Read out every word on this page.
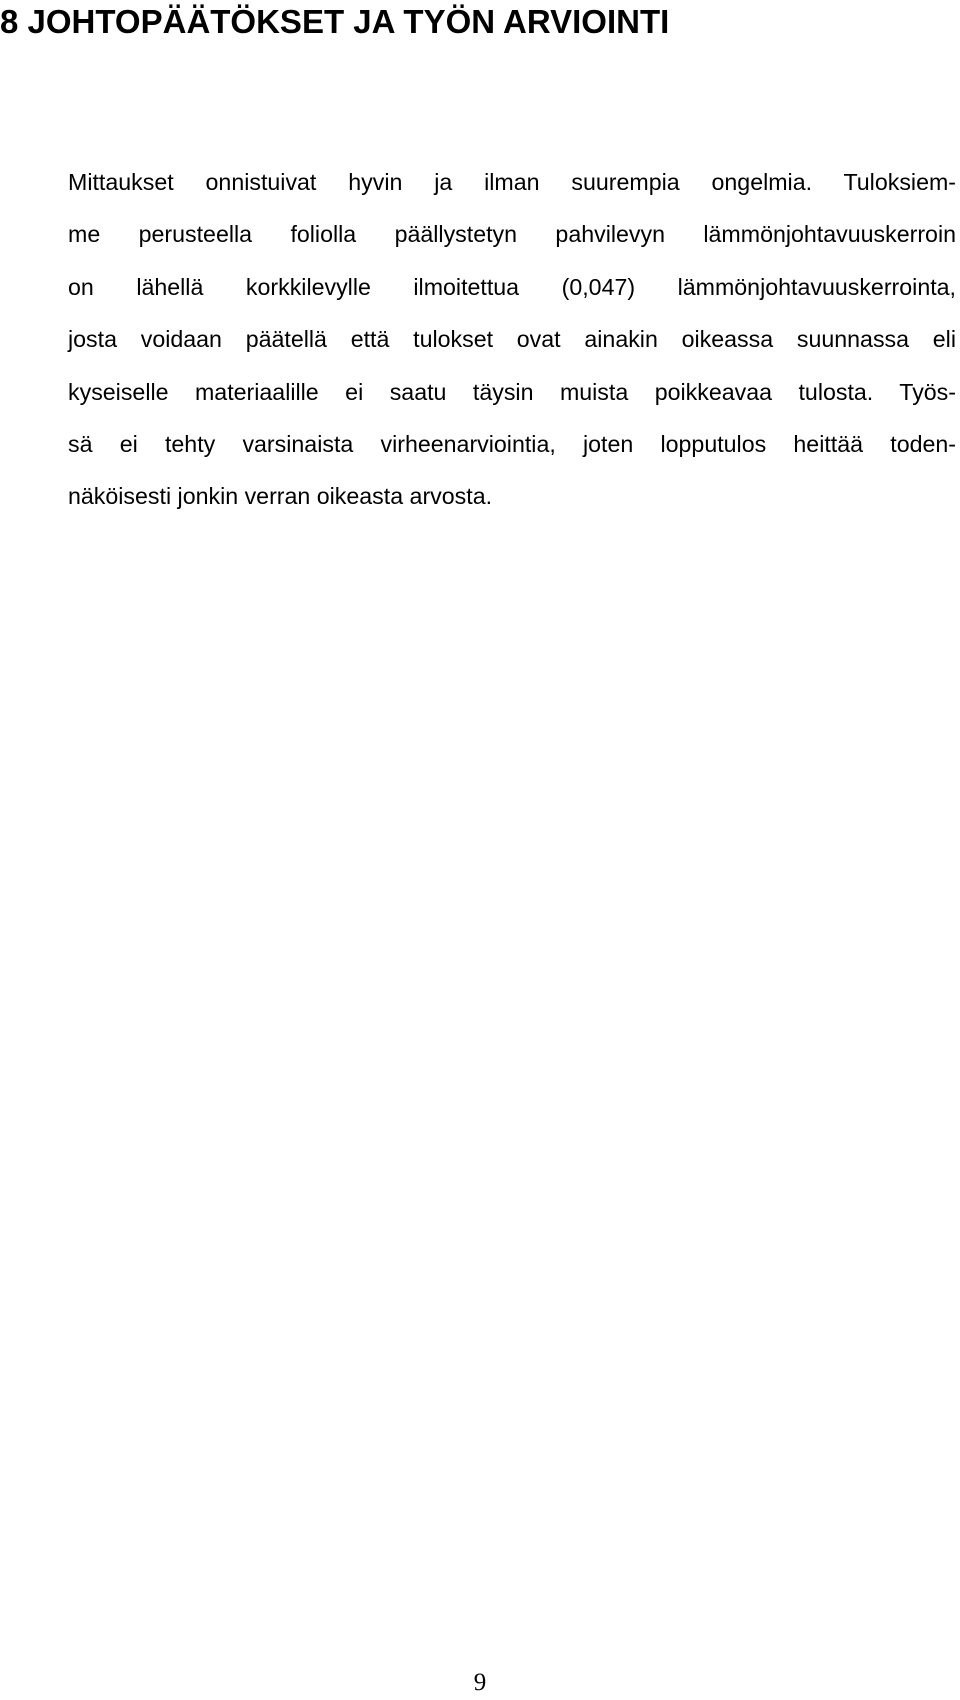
8 JOHTOPÄÄTÖKSET JA TYÖN ARVIOINTI
Mittaukset onnistuivat hyvin ja ilman suurempia ongelmia. Tuloksiem-
me perusteella foliolla päällystetyn pahvilevyn lämmönjohtavuuskerroin
on lähellä korkkilevylle ilmoitettua (0,047) lämmönjohtavuuskerrointa,
josta voidaan päätellä että tulokset ovat ainakin oikeassa suunnassa eli
kyseiselle materiaalille ei saatu täysin muista poikkeavaa tulosta. Työs-
sä ei tehty varsinaista virheenarviointia, joten lopputulos heittää toden-
näköisesti jonkin verran oikeasta arvosta.
9
